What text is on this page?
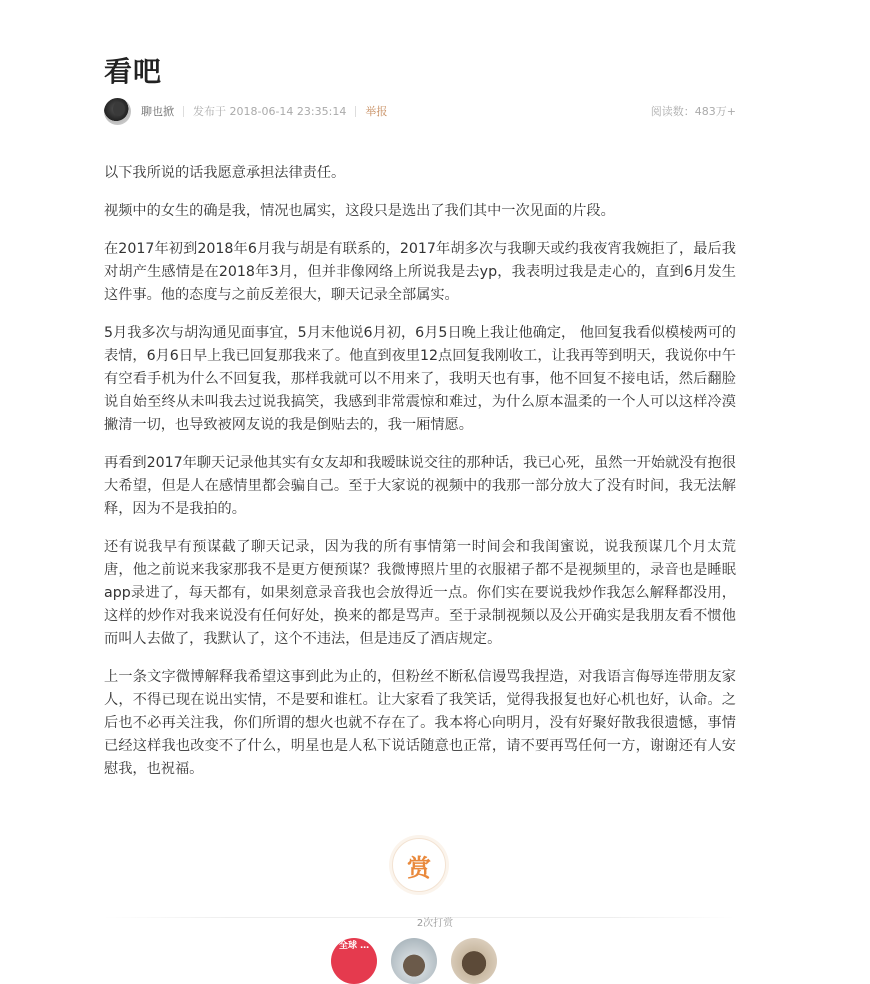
看吧
聊也掀 发布于 2018-06-14 23:35:14 举报	阅读数：483万+

以下我所说的话我愿意承担法律责任。

视频中的女生的确是我，情况也属实，这段只是选出了我们其中一次见面的片段。

在2017年初到2018年6月我与胡是有联系的，2017年胡多次与我聊天或约我夜宵我婉拒了，最后我对胡产生感情是在2018年3月，但并非像网络上所说我是去yp，我表明过我是走心的，直到6月发生这件事。他的态度与之前反差很大，聊天记录全部属实。

5月我多次与胡沟通见面事宜，5月末他说6月初，6月5日晚上我让他确定， 他回复我看似模棱两可的表情，6月6日早上我已回复那我来了。他直到夜里12点回复我刚收工，让我再等到明天，我说你中午有空看手机为什么不回复我，那样我就可以不用来了，我明天也有事，他不回复不接电话，然后翻脸说自始至终从未叫我去过说我搞笑，我感到非常震惊和难过，为什么原本温柔的一个人可以这样冷漠撇清一切，也导致被网友说的我是倒贴去的，我一厢情愿。

再看到2017年聊天记录他其实有女友却和我暧昧说交往的那种话，我已心死，虽然一开始就没有抱很大希望，但是人在感情里都会骗自己。至于大家说的视频中的我那一部分放大了没有时间，我无法解释，因为不是我拍的。

还有说我早有预谋截了聊天记录，因为我的所有事情第一时间会和我闺蜜说，说我预谋几个月太荒唐，他之前说来我家那我不是更方便预谋？我微博照片里的衣服裙子都不是视频里的，录音也是睡眠app录进了，每天都有，如果刻意录音我也会放得近一点。你们实在要说我炒作我怎么解释都没用，这样的炒作对我来说没有任何好处，换来的都是骂声。至于录制视频以及公开确实是我朋友看不惯他而叫人去做了，我默认了，这个不违法，但是违反了酒店规定。

上一条文字微博解释我希望这事到此为止的，但粉丝不断私信谩骂我捏造，对我语言侮辱连带朋友家人，不得已现在说出实情，不是要和谁杠。让大家看了我笑话，觉得我报复也好心机也好，认命。之后也不必再关注我，你们所谓的想火也就不存在了。我本将心向明月，没有好聚好散我很遗憾，事情已经这样我也改变不了什么，明星也是人私下说话随意也正常，请不要再骂任何一方，谢谢还有人安慰我，也祝福。

赏
2次打赏
全球 …
